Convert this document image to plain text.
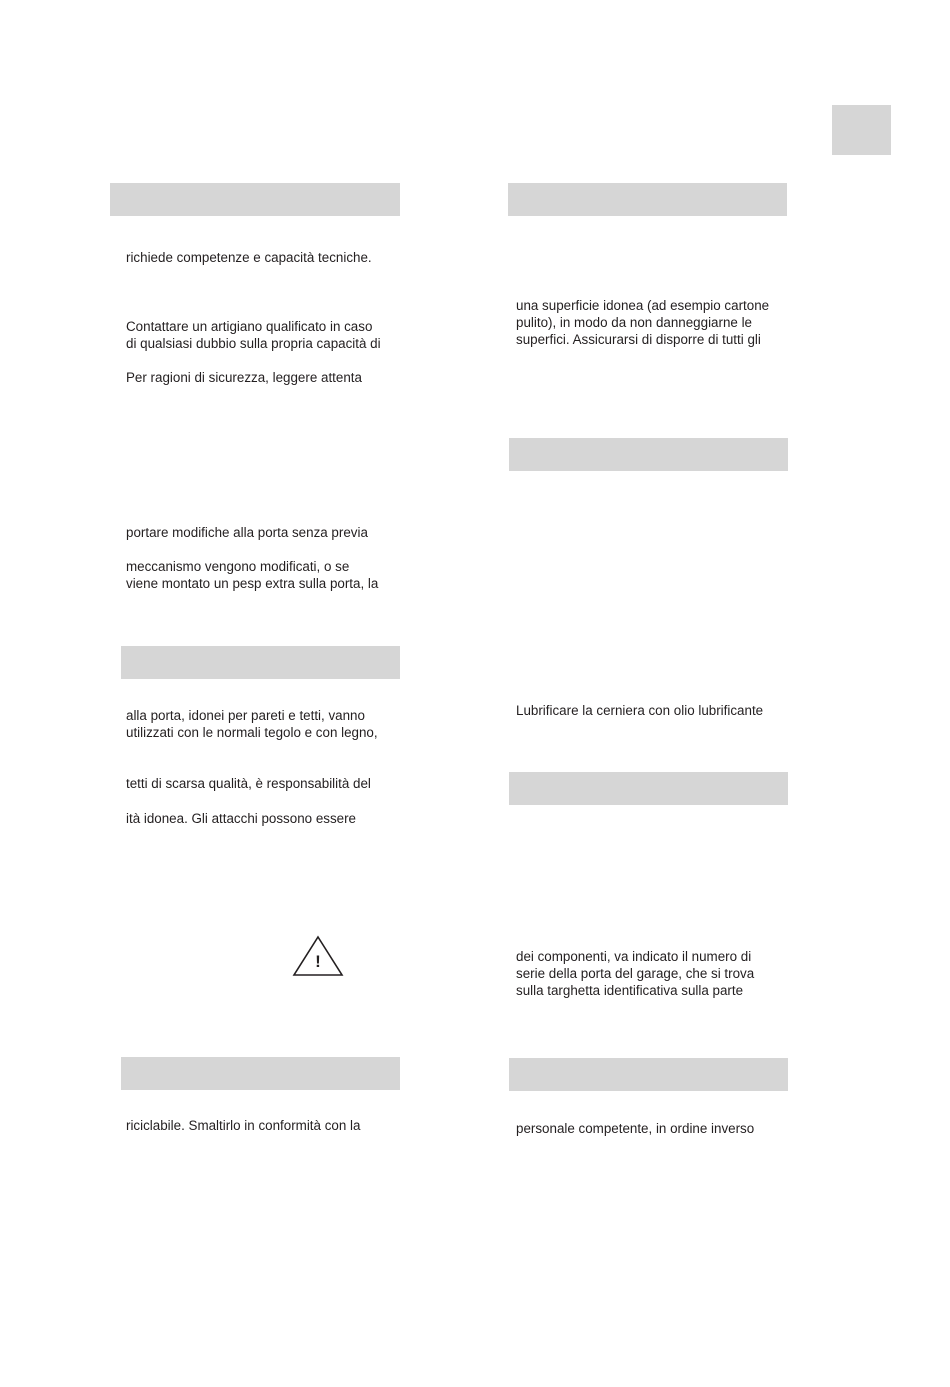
richiede competenze e capacità tecniche.
Contattare un artigiano qualificato in caso
di qualsiasi dubbio sulla propria capacità di
Per ragioni di sicurezza, leggere attenta
portare modifiche alla porta senza previa
meccanismo vengono modificati, o se
viene montato un pesp extra sulla porta, la
alla porta, idonei per pareti e tetti, vanno
utilizzati con le normali tegolo e con legno,
tetti di scarsa qualità, è responsabilità del
ità idonea. Gli attacchi possono essere
!
riciclabile. Smaltirlo in conformità con la
una superficie idonea (ad esempio cartone
pulito), in modo da non danneggiarne le
superfici. Assicurarsi di disporre di tutti gli
Lubrificare la cerniera con olio lubrificante
dei componenti, va indicato il numero di
serie della porta del garage, che si trova
sulla targhetta identificativa sulla parte
personale competente, in ordine inverso
